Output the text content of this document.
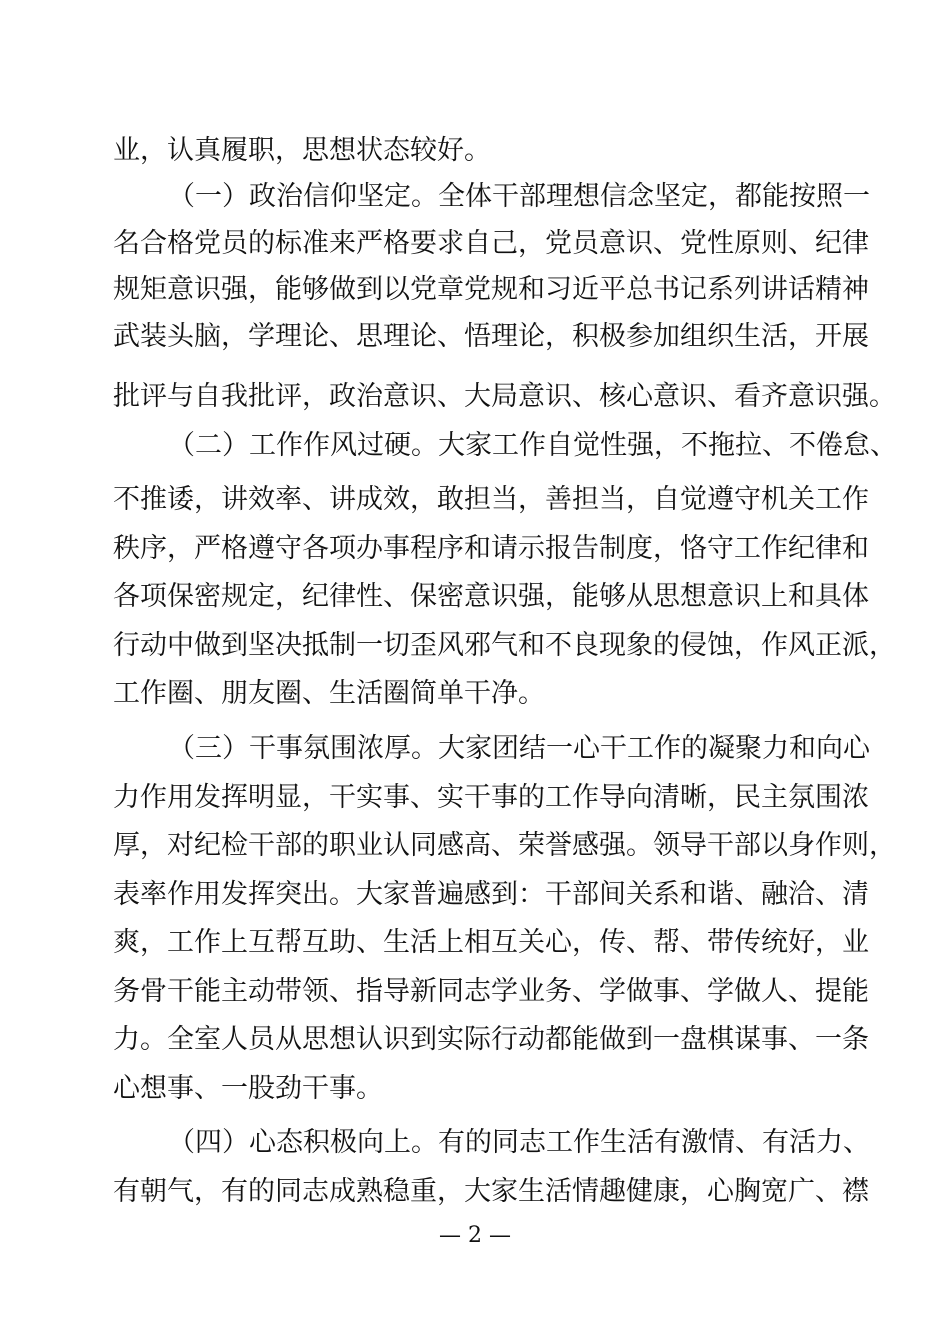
业，认真履职，思想状态较好。
（一）政治信仰坚定。全体干部理想信念坚定，都能按照一
名合格党员的标准来严格要求自己，党员意识、党性原则、纪律
规矩意识强，能够做到以党章党规和习近平总书记系列讲话精神
武装头脑，学理论、思理论、悟理论，积极参加组织生活，开展
批评与自我批评，政治意识、大局意识、核心意识、看齐意识强。
（二）工作作风过硬。大家工作自觉性强，不拖拉、不倦怠、
不推诿，讲效率、讲成效，敢担当，善担当，自觉遵守机关工作
秩序，严格遵守各项办事程序和请示报告制度，恪守工作纪律和
各项保密规定，纪律性、保密意识强，能够从思想意识上和具体
行动中做到坚决抵制一切歪风邪气和不良现象的侵蚀，作风正派，
工作圈、朋友圈、生活圈简单干净。
（三）干事氛围浓厚。大家团结一心干工作的凝聚力和向心
力作用发挥明显，干实事、实干事的工作导向清晰，民主氛围浓
厚，对纪检干部的职业认同感高、荣誉感强。领导干部以身作则，
表率作用发挥突出。大家普遍感到：干部间关系和谐、融洽、清
爽，工作上互帮互助、生活上相互关心，传、帮、带传统好，业
务骨干能主动带领、指导新同志学业务、学做事、学做人、提能
力。全室人员从思想认识到实际行动都能做到一盘棋谋事、一条
心想事、一股劲干事。
（四）心态积极向上。有的同志工作生活有激情、有活力、
有朝气，有的同志成熟稳重，大家生活情趣健康，心胸宽广、襟
— 2 —
